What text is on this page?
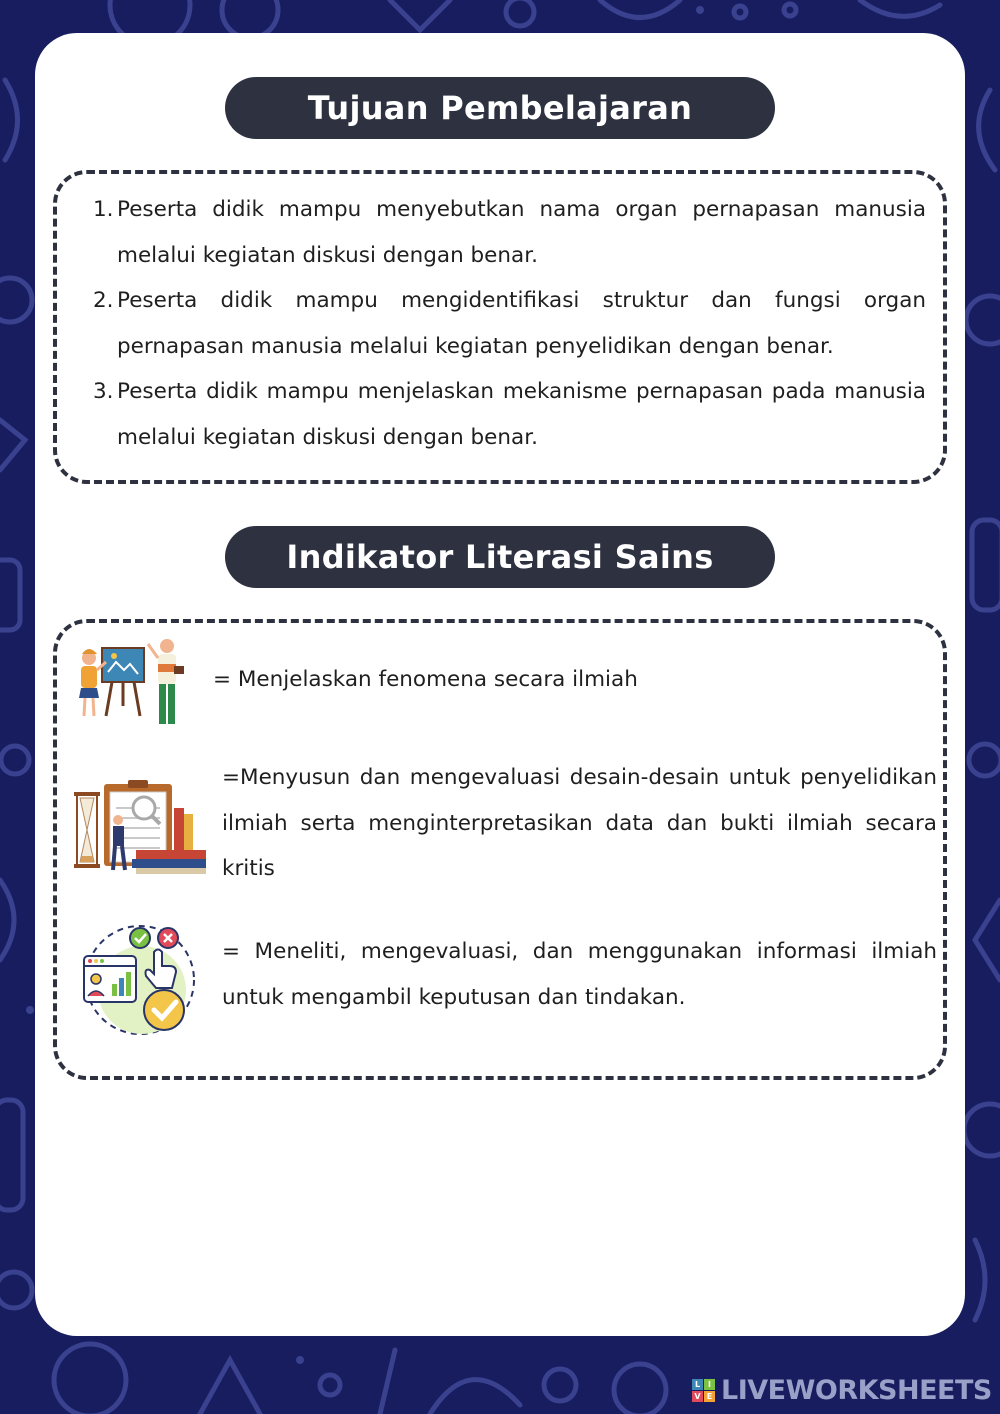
Tujuan Pembelajaran
1. Peserta didik mampu menyebutkan nama organ pernapasan manusia melalui kegiatan diskusi dengan benar.
2. Peserta didik mampu mengidentifikasi struktur dan fungsi organ pernapasan manusia melalui kegiatan penyelidikan dengan benar.
3. Peserta didik mampu menjelaskan mekanisme pernapasan pada manusia melalui kegiatan diskusi dengan benar.
Indikator Literasi Sains
= Menjelaskan fenomena secara ilmiah
=Menyusun dan mengevaluasi desain-desain untuk penyelidikan ilmiah serta menginterpretasikan data dan bukti ilmiah secara kritis
= Meneliti, mengevaluasi, dan menggunakan informasi ilmiah untuk mengambil keputusan dan tindakan.
L I
V E LIVEWORKSHEETS
